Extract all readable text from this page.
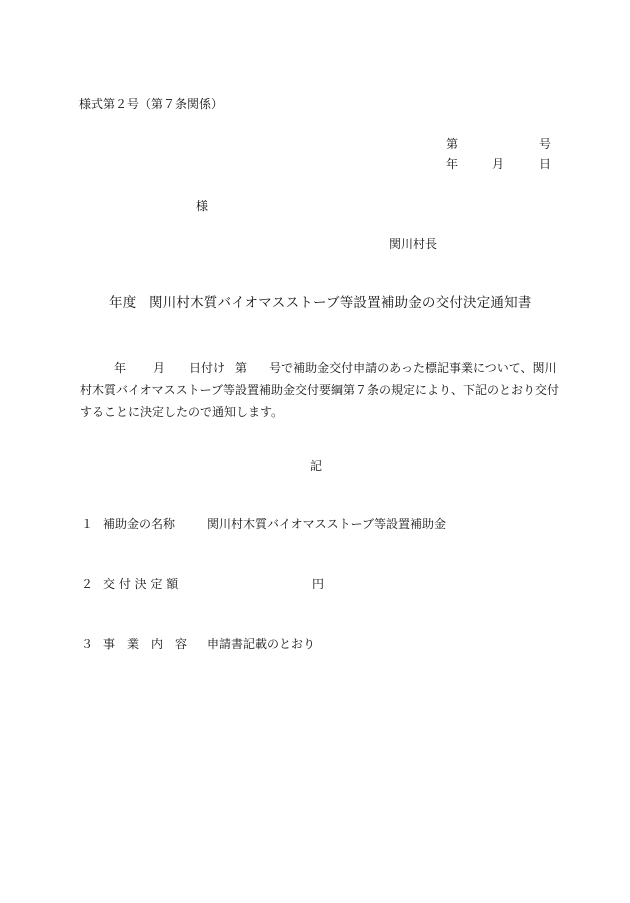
様式第２号（第７条関係）
第	号
年	月	日
様
関川村長
年度 関川村木質バイオマスストーブ等設置補助金の交付決定通知書
年 月 日付け 第 号で補助金交付申請のあった標記事業について、関川
村木質バイオマスストーブ等設置補助金交付要綱第７条の規定により、下記のとおり交付
することに決定したので通知します。
記
１ 補助金の名称	関川村木質バイオマスストーブ等設置補助金
２ 交 付 決 定 額	円
３ 事　業　内　容 申請書記載のとおり
